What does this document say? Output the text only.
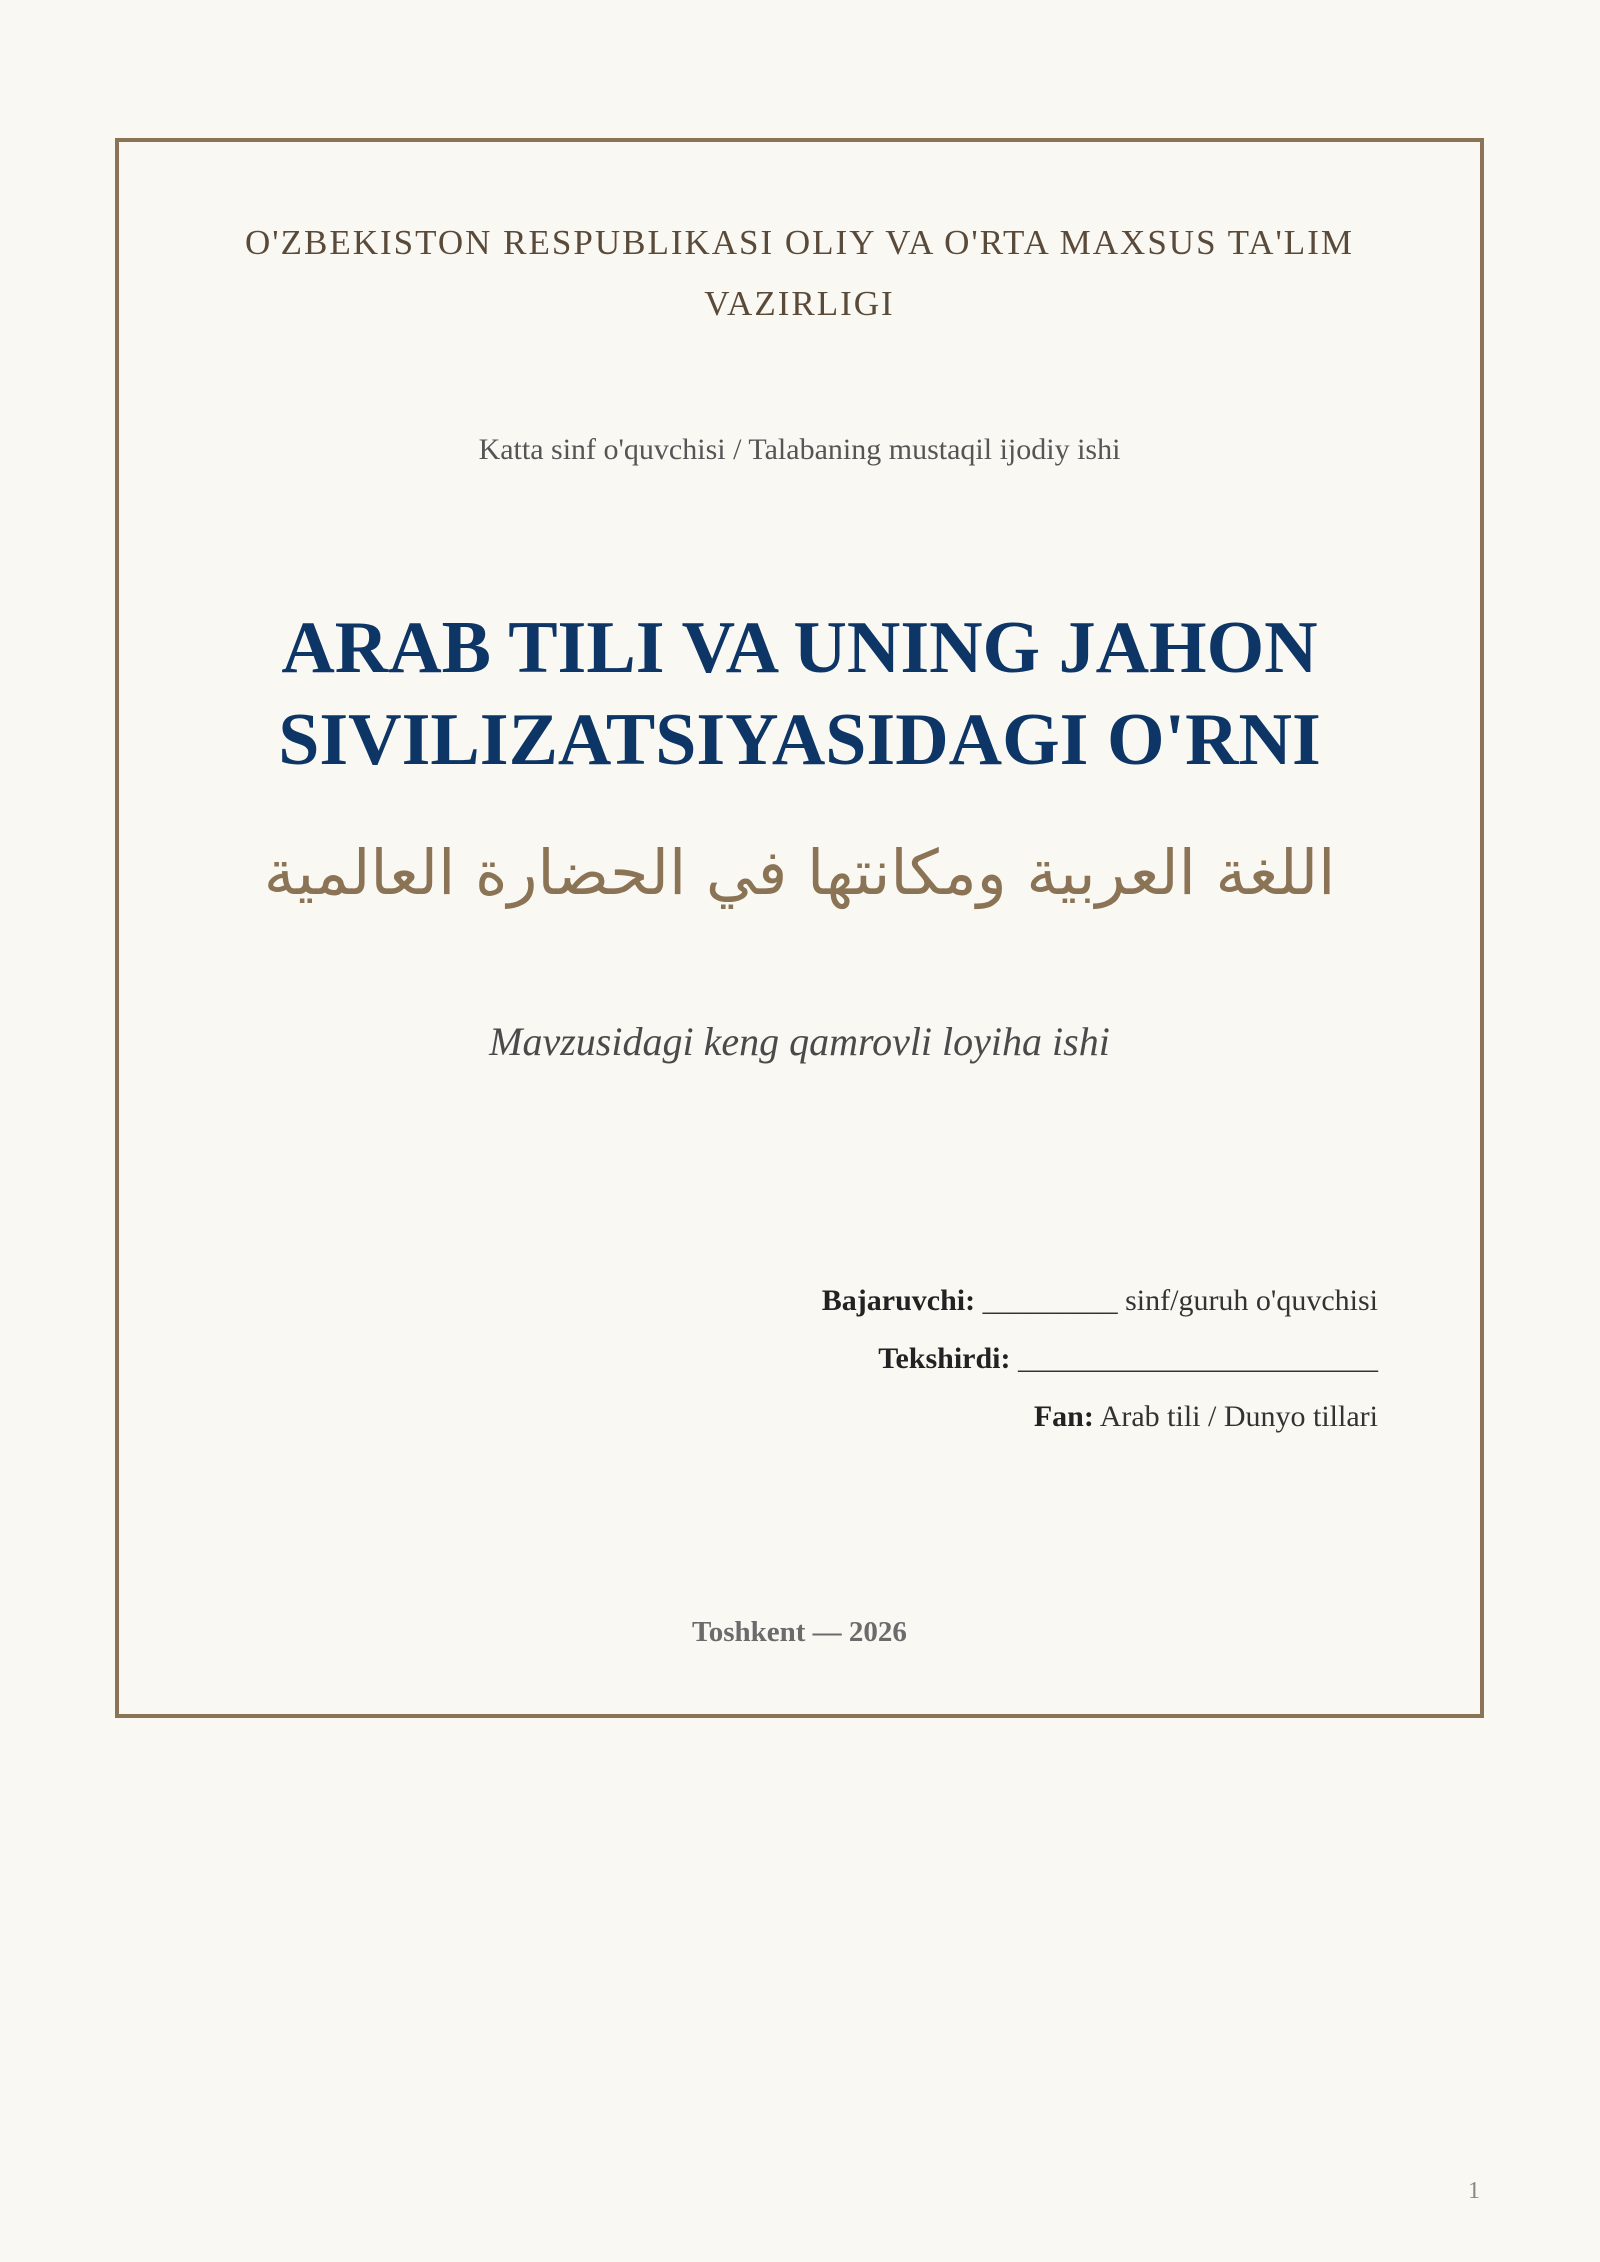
O'ZBEKISTON RESPUBLIKASI OLIY VA O'RTA MAXSUS TA'LIM VAZIRLIGI
Katta sinf o'quvchisi / Talabaning mustaqil ijodiy ishi
ARAB TILI VA UNING JAHON
SIVILIZATSIYASIDAGI O'RNI
اللغة العربية ومكانتها في الحضارة العالمية
Mavzusidagi keng qamrovli loyiha ishi
Bajaruvchi: _________ sinf/guruh o'quvchisi
Tekshirdi: ________________________
Fan: Arab tili / Dunyo tillari
Toshkent — 2026
1
